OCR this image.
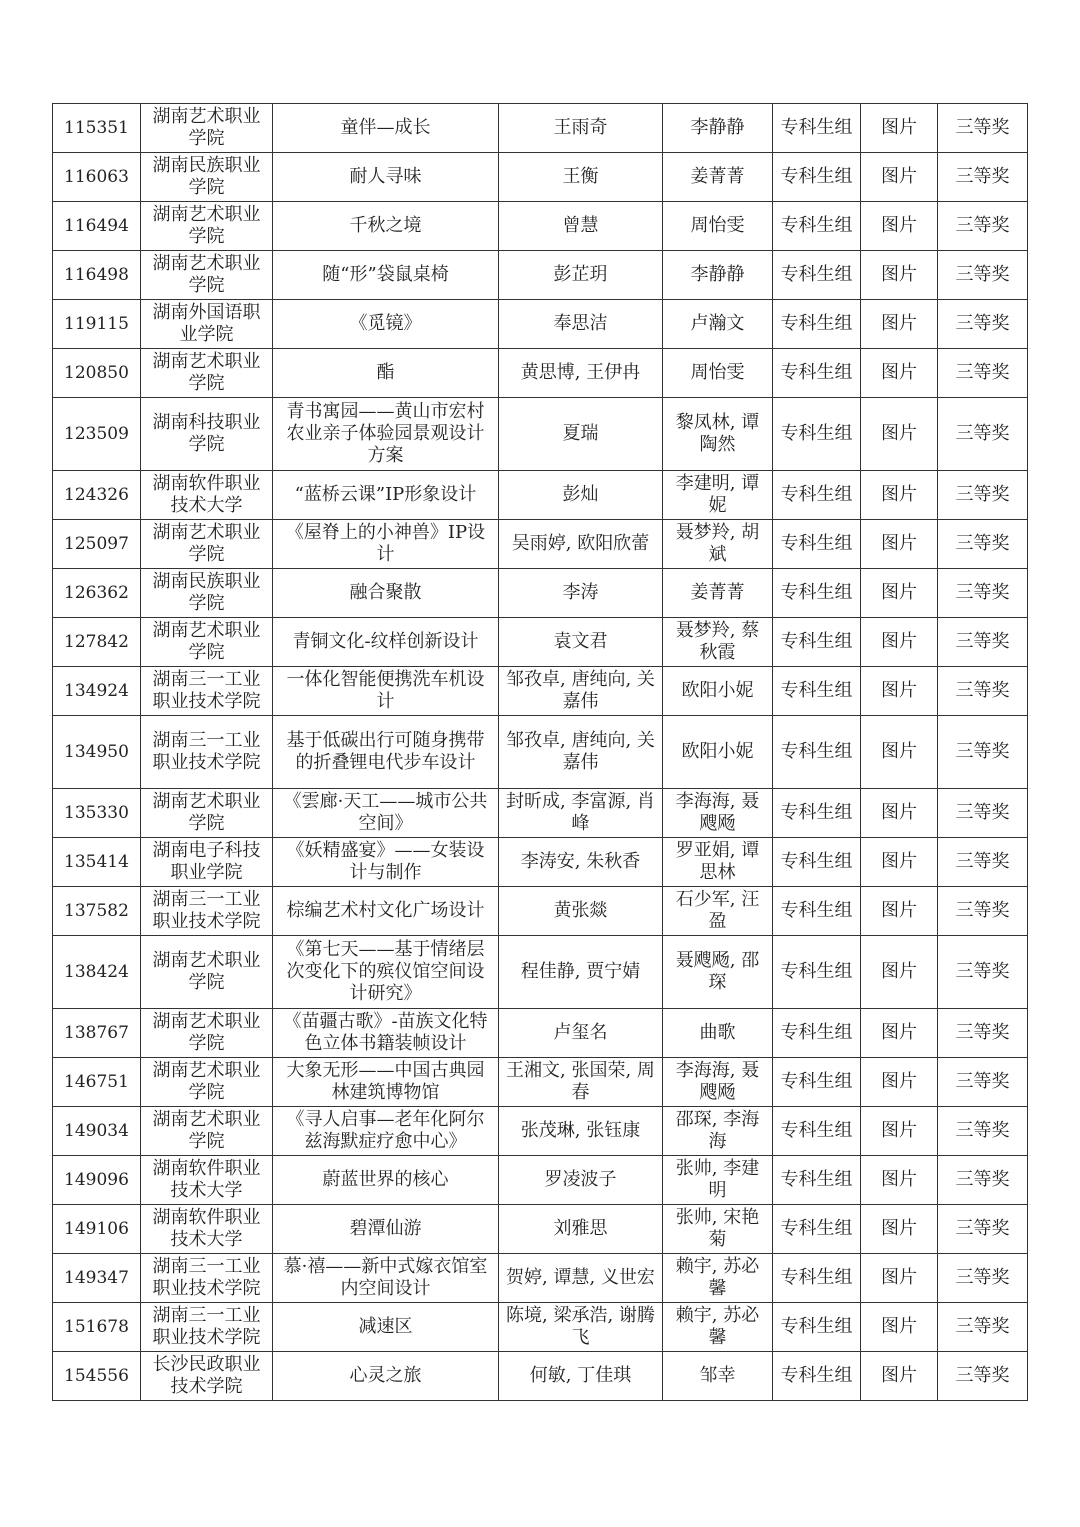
115351	湖南艺术职业学院	童伴—成长	王雨奇	李静静	专科生组	图片	三等奖
116063	湖南民族职业学院	耐人寻味	王衡	姜菁菁	专科生组	图片	三等奖
116494	湖南艺术职业学院	千秋之境	曾慧	周怡雯	专科生组	图片	三等奖
116498	湖南艺术职业学院	随“形”袋鼠桌椅	彭芷玥	李静静	专科生组	图片	三等奖
119115	湖南外国语职业学院	《觅镜》	奉思洁	卢瀚文	专科生组	图片	三等奖
120850	湖南艺术职业学院	酯	黄思博, 王伊冉	周怡雯	专科生组	图片	三等奖
123509	湖南科技职业学院	青书寓园——黄山市宏村农业亲子体验园景观设计方案	夏瑞	黎凤林, 谭陶然	专科生组	图片	三等奖
124326	湖南软件职业技术大学	“蓝桥云课”IP形象设计	彭灿	李建明, 谭妮	专科生组	图片	三等奖
125097	湖南艺术职业学院	《屋脊上的小神兽》IP设计	吴雨婷, 欧阳欣蕾	聂梦羚, 胡斌	专科生组	图片	三等奖
126362	湖南民族职业学院	融合聚散	李涛	姜菁菁	专科生组	图片	三等奖
127842	湖南艺术职业学院	青铜文化-纹样创新设计	袁文君	聂梦羚, 蔡秋霞	专科生组	图片	三等奖
134924	湖南三一工业职业技术学院	一体化智能便携洗车机设计	邹孜卓, 唐纯向, 关嘉伟	欧阳小妮	专科生组	图片	三等奖
134950	湖南三一工业职业技术学院	基于低碳出行可随身携带的折叠锂电代步车设计	邹孜卓, 唐纯向, 关嘉伟	欧阳小妮	专科生组	图片	三等奖
135330	湖南艺术职业学院	《雲廊·天工——城市公共空间》	封昕成, 李富源, 肖峰	李海海, 聂飕飏	专科生组	图片	三等奖
135414	湖南电子科技职业学院	《妖精盛宴》——女装设计与制作	李涛安, 朱秋香	罗亚娟, 谭思林	专科生组	图片	三等奖
137582	湖南三一工业职业技术学院	棕编艺术村文化广场设计	黄张燚	石少军, 汪盈	专科生组	图片	三等奖
138424	湖南艺术职业学院	《第七天——基于情绪层次变化下的殡仪馆空间设计研究》	程佳静, 贾宁婧	聂飕飏, 邵琛	专科生组	图片	三等奖
138767	湖南艺术职业学院	《苗疆古歌》-苗族文化特色立体书籍装帧设计	卢玺名	曲歌	专科生组	图片	三等奖
146751	湖南艺术职业学院	大象无形——中国古典园林建筑博物馆	王湘文, 张国荣, 周春	李海海, 聂飕飏	专科生组	图片	三等奖
149034	湖南艺术职业学院	《寻人启事—老年化阿尔兹海默症疗愈中心》	张茂琳, 张钰康	邵琛, 李海海	专科生组	图片	三等奖
149096	湖南软件职业技术大学	蔚蓝世界的核心	罗凌波子	张帅, 李建明	专科生组	图片	三等奖
149106	湖南软件职业技术大学	碧潭仙游	刘雅思	张帅, 宋艳菊	专科生组	图片	三等奖
149347	湖南三一工业职业技术学院	慕·禧——新中式嫁衣馆室内空间设计	贺婷, 谭慧, 义世宏	赖宇, 苏必馨	专科生组	图片	三等奖
151678	湖南三一工业职业技术学院	减速区	陈境, 梁承浩, 谢腾飞	赖宇, 苏必馨	专科生组	图片	三等奖
154556	长沙民政职业技术学院	心灵之旅	何敏, 丁佳琪	邹幸	专科生组	图片	三等奖
